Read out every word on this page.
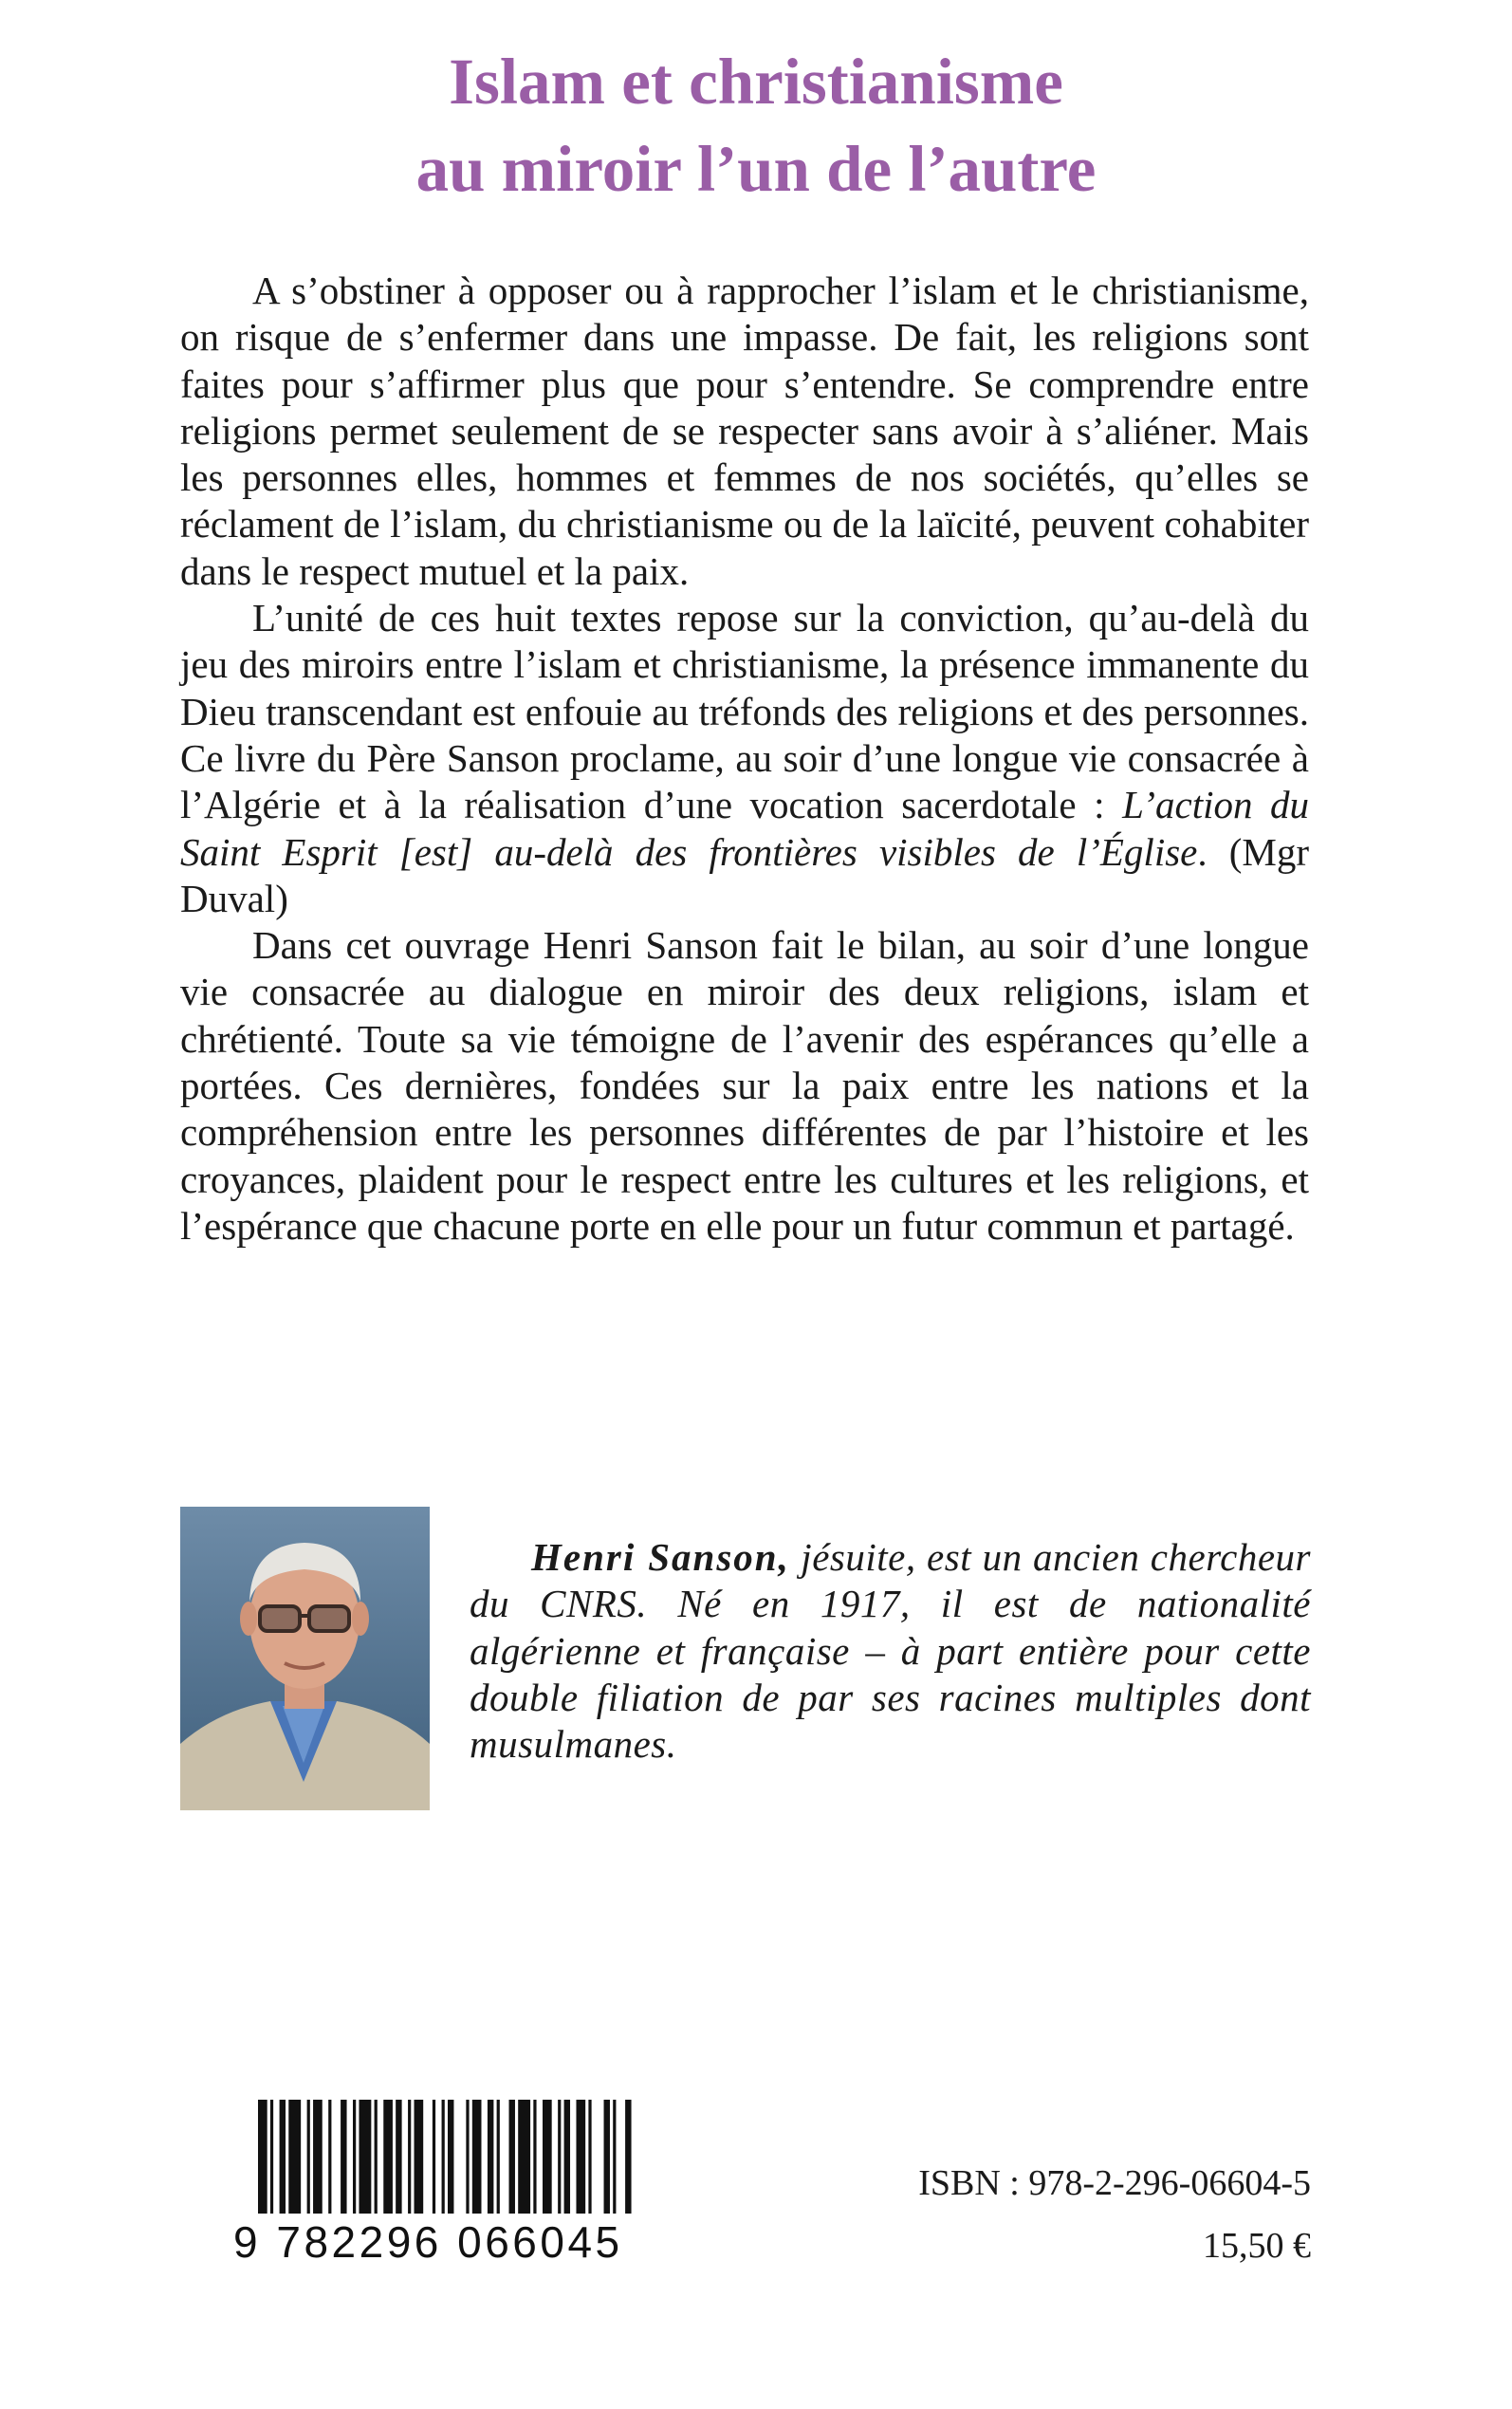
Islam et christianisme
au miroir l’un de l’autre

A s’obstiner à opposer ou à rapprocher l’islam et le christianisme, on risque de s’enfermer dans une impasse. De fait, les religions sont faites pour s’affirmer plus que pour s’entendre. Se comprendre entre religions permet seulement de se respecter sans avoir à s’aliéner. Mais les personnes elles, hommes et femmes de nos sociétés, qu’elles se réclament de l’islam, du christianisme ou de la laïcité, peuvent cohabiter dans le respect mutuel et la paix.

L’unité de ces huit textes repose sur la conviction, qu’au-delà du jeu des miroirs entre l’islam et christianisme, la présence immanente du Dieu transcendant est enfouie au tréfonds des religions et des personnes. Ce livre du Père Sanson proclame, au soir d’une longue vie consacrée à l’Algérie et à la réalisation d’une vocation sacerdotale : L’action du Saint Esprit [est] au-delà des frontières visibles de l’Église. (Mgr Duval)

Dans cet ouvrage Henri Sanson fait le bilan, au soir d’une longue vie consacrée au dialogue en miroir des deux religions, islam et chrétienté. Toute sa vie témoigne de l’avenir des espérances qu’elle a portées. Ces dernières, fondées sur la paix entre les nations et la compréhension entre les personnes différentes de par l’histoire et les croyances, plaident pour le respect entre les cultures et les religions, et l’espérance que chacune porte en elle pour un futur commun et partagé.

Henri Sanson, jésuite, est un ancien chercheur du CNRS. Né en 1917, il est de nationalité algérienne et française – à part entière pour cette double filiation de par ses racines multiples dont musulmanes.

9 782296 066045
ISBN : 978-2-296-06604-5
15,50 €
